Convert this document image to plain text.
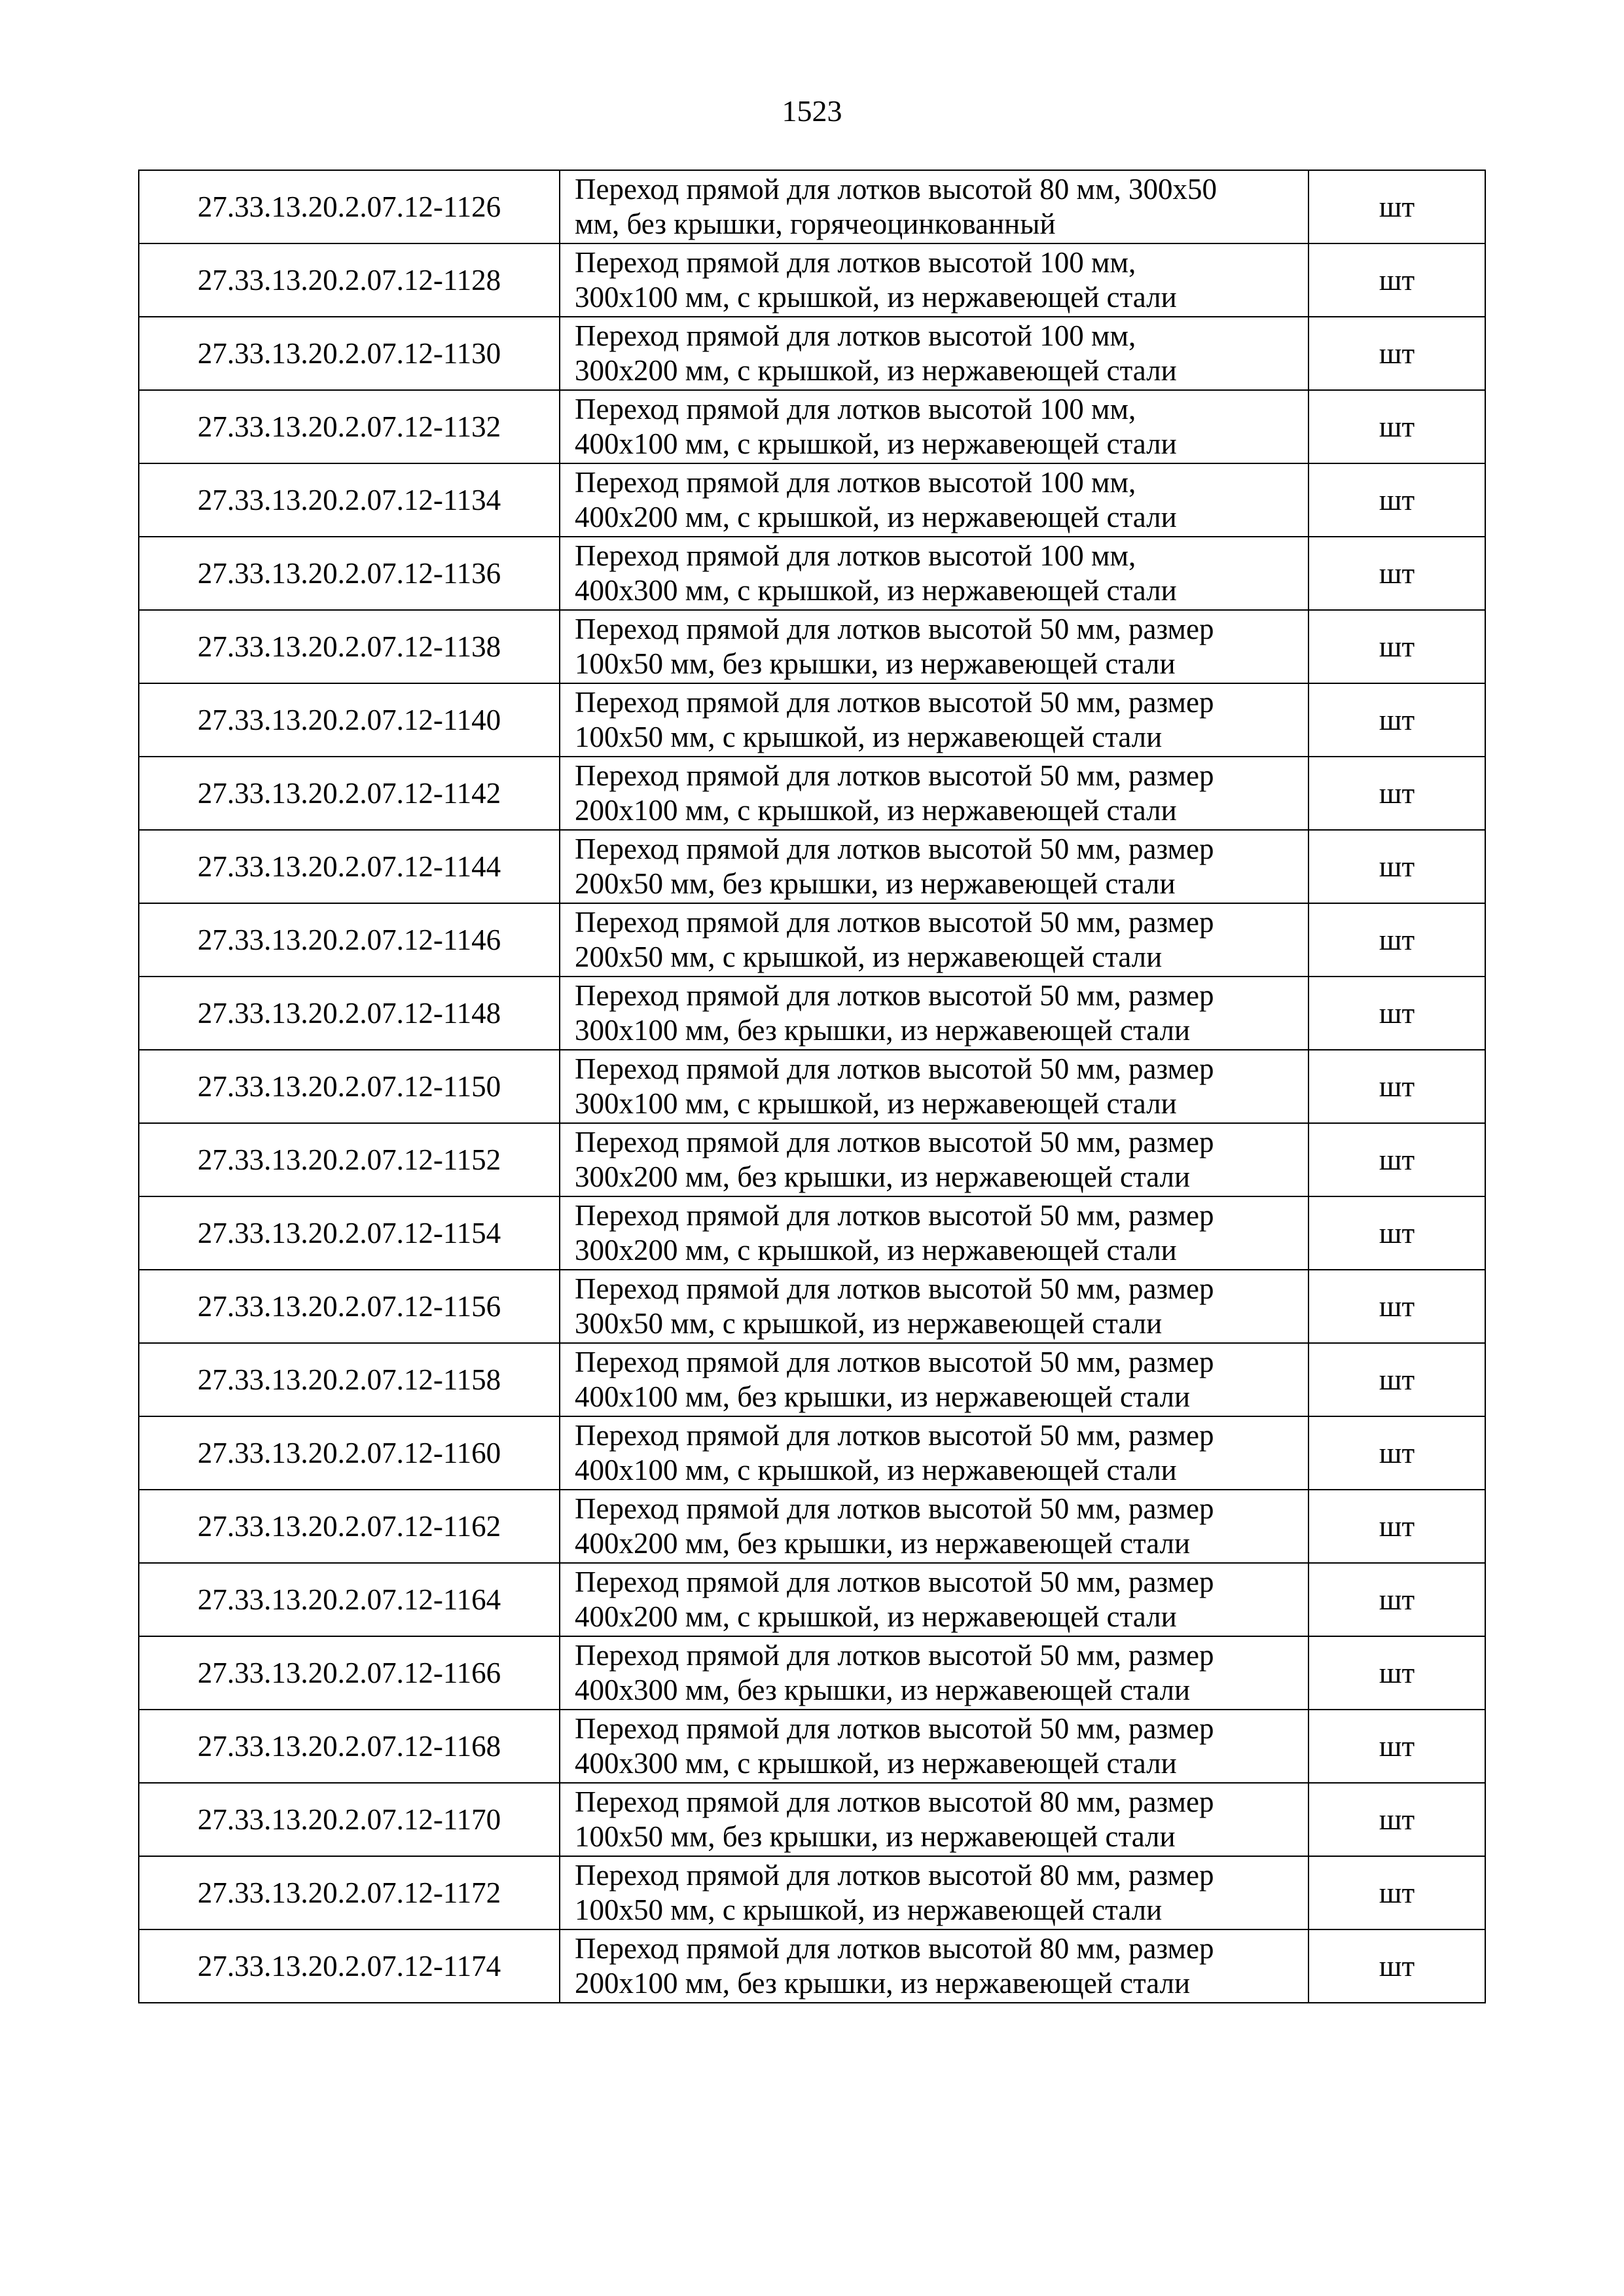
1523
27.33.13.20.2.07.12-1126	Переход прямой для лотков высотой 80 мм, 300х50
мм, без крышки, горячеоцинкованный	шт
27.33.13.20.2.07.12-1128	Переход прямой для лотков высотой 100 мм,
300х100 мм, с крышкой, из нержавеющей стали	шт
27.33.13.20.2.07.12-1130	Переход прямой для лотков высотой 100 мм,
300х200 мм, с крышкой, из нержавеющей стали	шт
27.33.13.20.2.07.12-1132	Переход прямой для лотков высотой 100 мм,
400х100 мм, с крышкой, из нержавеющей стали	шт
27.33.13.20.2.07.12-1134	Переход прямой для лотков высотой 100 мм,
400х200 мм, с крышкой, из нержавеющей стали	шт
27.33.13.20.2.07.12-1136	Переход прямой для лотков высотой 100 мм,
400х300 мм, с крышкой, из нержавеющей стали	шт
27.33.13.20.2.07.12-1138	Переход прямой для лотков высотой 50 мм, размер
100х50 мм, без крышки, из нержавеющей стали	шт
27.33.13.20.2.07.12-1140	Переход прямой для лотков высотой 50 мм, размер
100х50 мм, с крышкой, из нержавеющей стали	шт
27.33.13.20.2.07.12-1142	Переход прямой для лотков высотой 50 мм, размер
200х100 мм, с крышкой, из нержавеющей стали	шт
27.33.13.20.2.07.12-1144	Переход прямой для лотков высотой 50 мм, размер
200х50 мм, без крышки, из нержавеющей стали	шт
27.33.13.20.2.07.12-1146	Переход прямой для лотков высотой 50 мм, размер
200х50 мм, с крышкой, из нержавеющей стали	шт
27.33.13.20.2.07.12-1148	Переход прямой для лотков высотой 50 мм, размер
300х100 мм, без крышки, из нержавеющей стали	шт
27.33.13.20.2.07.12-1150	Переход прямой для лотков высотой 50 мм, размер
300х100 мм, с крышкой, из нержавеющей стали	шт
27.33.13.20.2.07.12-1152	Переход прямой для лотков высотой 50 мм, размер
300х200 мм, без крышки, из нержавеющей стали	шт
27.33.13.20.2.07.12-1154	Переход прямой для лотков высотой 50 мм, размер
300х200 мм, с крышкой, из нержавеющей стали	шт
27.33.13.20.2.07.12-1156	Переход прямой для лотков высотой 50 мм, размер
300х50 мм, с крышкой, из нержавеющей стали	шт
27.33.13.20.2.07.12-1158	Переход прямой для лотков высотой 50 мм, размер
400х100 мм, без крышки, из нержавеющей стали	шт
27.33.13.20.2.07.12-1160	Переход прямой для лотков высотой 50 мм, размер
400х100 мм, с крышкой, из нержавеющей стали	шт
27.33.13.20.2.07.12-1162	Переход прямой для лотков высотой 50 мм, размер
400х200 мм, без крышки, из нержавеющей стали	шт
27.33.13.20.2.07.12-1164	Переход прямой для лотков высотой 50 мм, размер
400х200 мм, с крышкой, из нержавеющей стали	шт
27.33.13.20.2.07.12-1166	Переход прямой для лотков высотой 50 мм, размер
400х300 мм, без крышки, из нержавеющей стали	шт
27.33.13.20.2.07.12-1168	Переход прямой для лотков высотой 50 мм, размер
400х300 мм, с крышкой, из нержавеющей стали	шт
27.33.13.20.2.07.12-1170	Переход прямой для лотков высотой 80 мм, размер
100х50 мм, без крышки, из нержавеющей стали	шт
27.33.13.20.2.07.12-1172	Переход прямой для лотков высотой 80 мм, размер
100х50 мм, с крышкой, из нержавеющей стали	шт
27.33.13.20.2.07.12-1174	Переход прямой для лотков высотой 80 мм, размер
200х100 мм, без крышки, из нержавеющей стали	шт
